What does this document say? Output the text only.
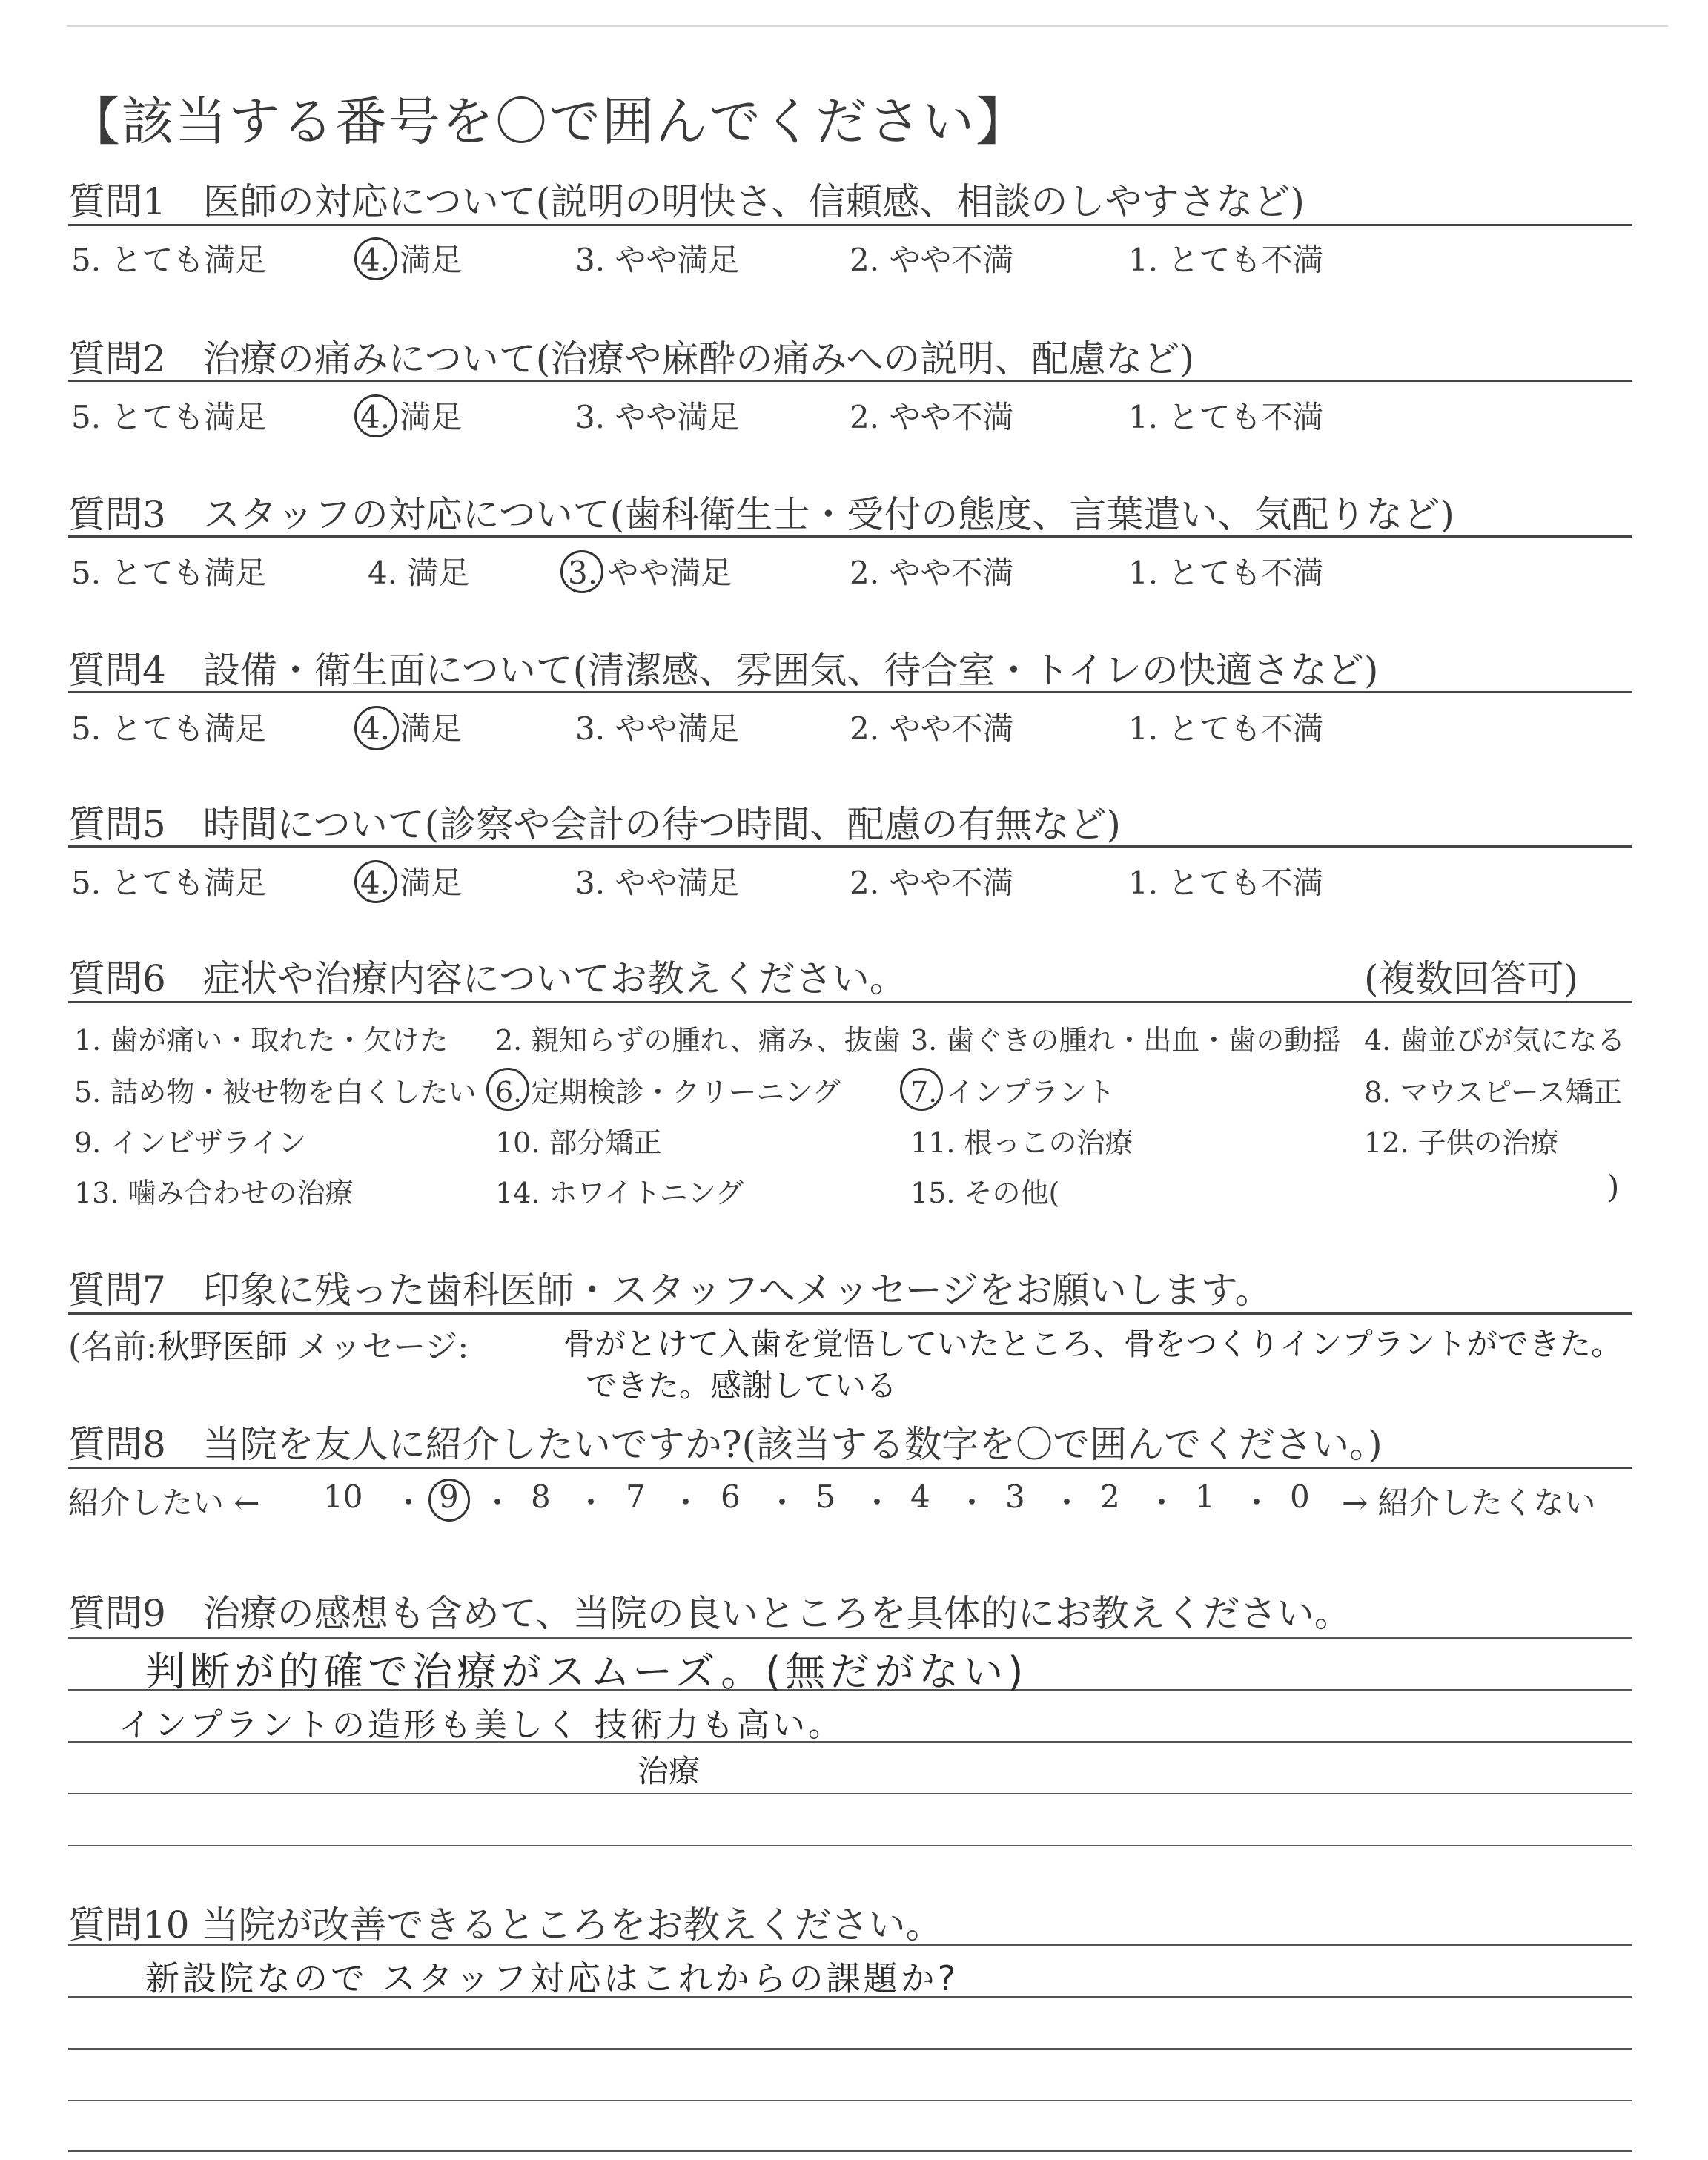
【該当する番号を〇で囲んでください】
質問1　医師の対応について(説明の明快さ、信頼感、相談のしやすさなど)
5. とても満足	4. 満足	3. やや満足	2. やや不満	1. とても不満
質問2　治療の痛みについて(治療や麻酔の痛みへの説明、配慮など)
5. とても満足	4. 満足	3. やや満足	2. やや不満	1. とても不満
質問3　スタッフの対応について(歯科衛生士・受付の態度、言葉遣い、気配りなど)
5. とても満足	4. 満足	3. やや満足	2. やや不満	1. とても不満
質問4　設備・衛生面について(清潔感、雰囲気、待合室・トイレの快適さなど)
5. とても満足	4. 満足	3. やや満足	2. やや不満	1. とても不満
質問5　時間について(診察や会計の待つ時間、配慮の有無など)
5. とても満足	4. 満足	3. やや満足	2. やや不満	1. とても不満
質問6　症状や治療内容についてお教えください。	(複数回答可)
1. 歯が痛い・取れた・欠けた 2. 親知らずの腫れ、痛み、抜歯 3. 歯ぐきの腫れ・出血・歯の動揺 4. 歯並びが気になる
5. 詰め物・被せ物を白くしたい 6. 定期検診・クリーニング 7. インプラント	8. マウスピース矯正
9. インビザライン	10. 部分矯正	11. 根っこの治療	12. 子供の治療
13. 噛み合わせの治療	14. ホワイトニング	15. その他(	)
質問7　印象に残った歯科医師・スタッフへメッセージをお願いします。
(名前:秋野医師 メッセージ:	骨がとけて入歯を覚悟していたところ、骨をつくりインプラントができた。
できた。感謝している
質問8　当院を友人に紹介したいですか?(該当する数字を〇で囲んでください。)
紹介したい ← 10 ・ 9 ・ 8 ・ 7 ・ 6 ・ 5 ・ 4 ・ 3 ・ 2 ・ 1 ・ 0 → 紹介したくない
質問9　治療の感想も含めて、当院の良いところを具体的にお教えください。
判断が的確で治療がスムーズ。(無だがない)
インプラントの造形も美しく 技術力も高い。
治療
質問10 当院が改善できるところをお教えください。
新設院なので スタッフ対応はこれからの課題か?
